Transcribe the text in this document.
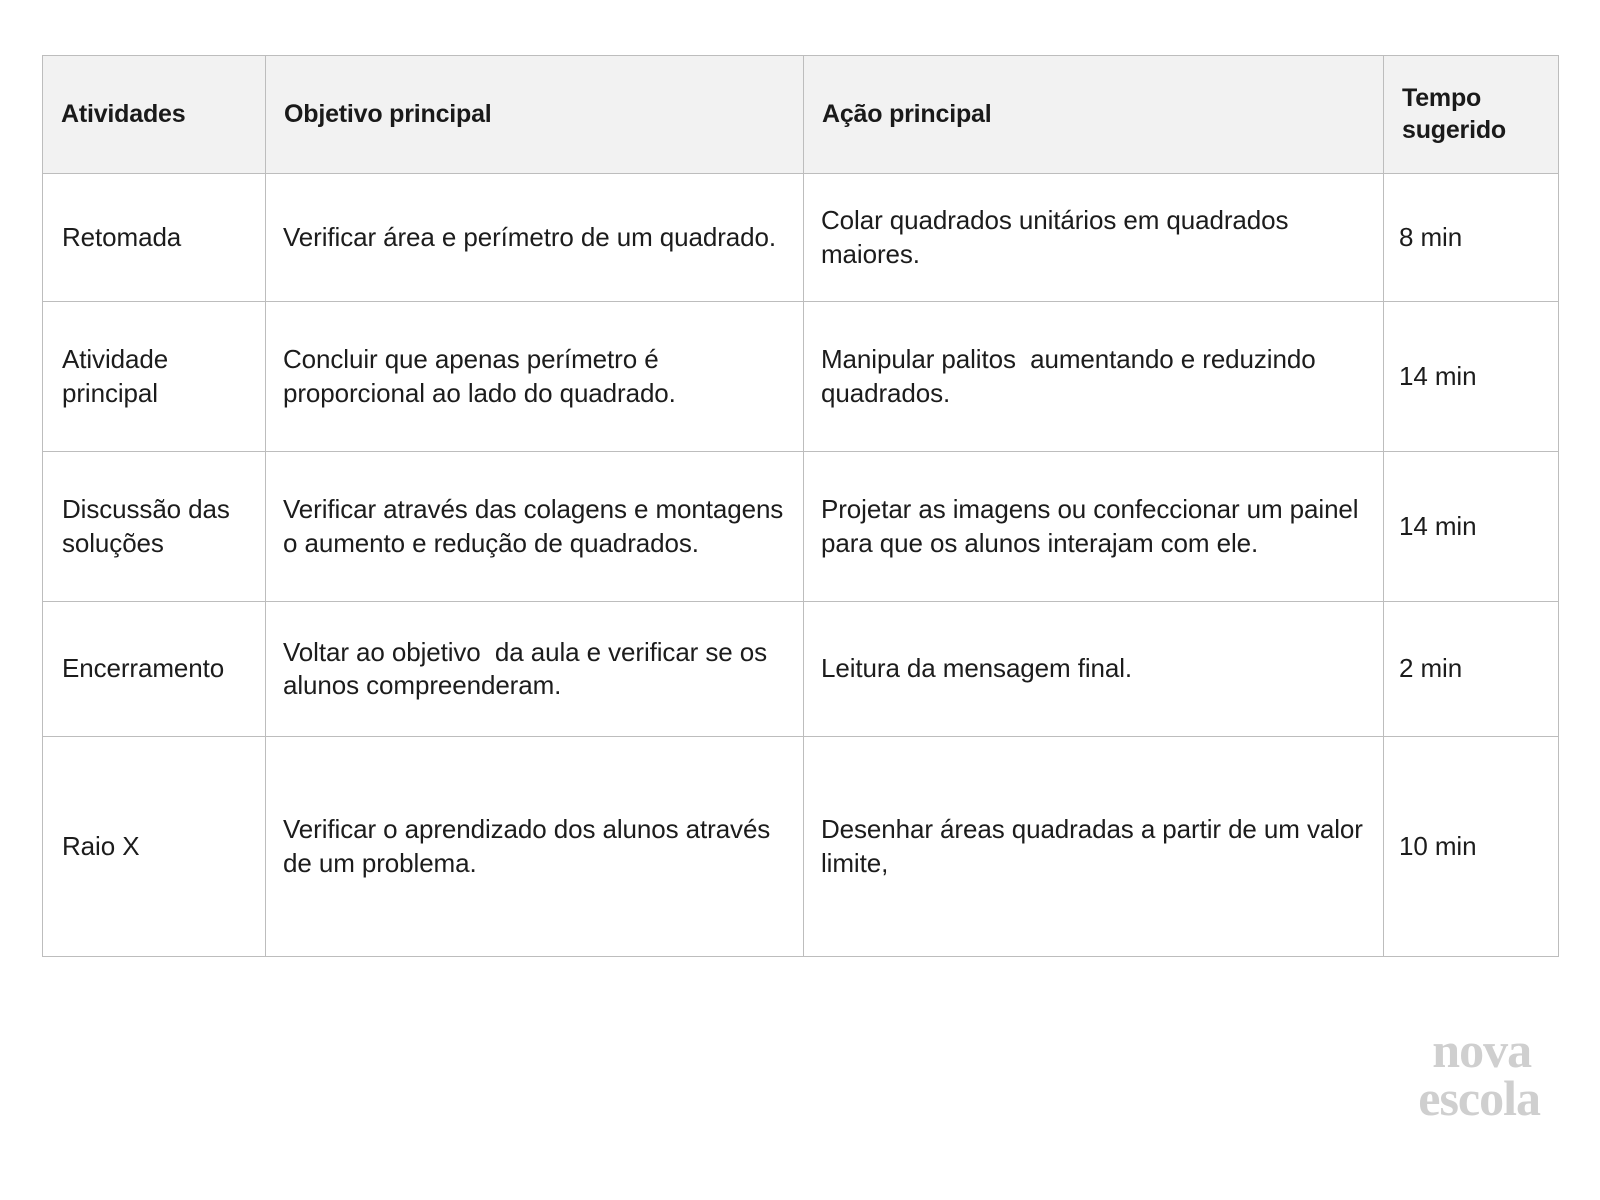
Atividades	Objetivo principal	Ação principal	Tempo sugerido
Retomada	Verificar área e perímetro de um quadrado.	Colar quadrados unitários em quadrados maiores.	8 min
Atividade principal	Concluir que apenas perímetro é proporcional ao lado do quadrado.	Manipular palitos  aumentando e reduzindo quadrados.	14 min
Discussão das soluções	Verificar através das colagens e montagens o aumento e redução de quadrados.	Projetar as imagens ou confeccionar um painel para que os alunos interajam com ele.	14 min
Encerramento	Voltar ao objetivo  da aula e verificar se os alunos compreenderam.	Leitura da mensagem final.	2 min
Raio X	Verificar o aprendizado dos alunos através de um problema.	Desenhar áreas quadradas a partir de um valor limite,	10 min
nova
escola
